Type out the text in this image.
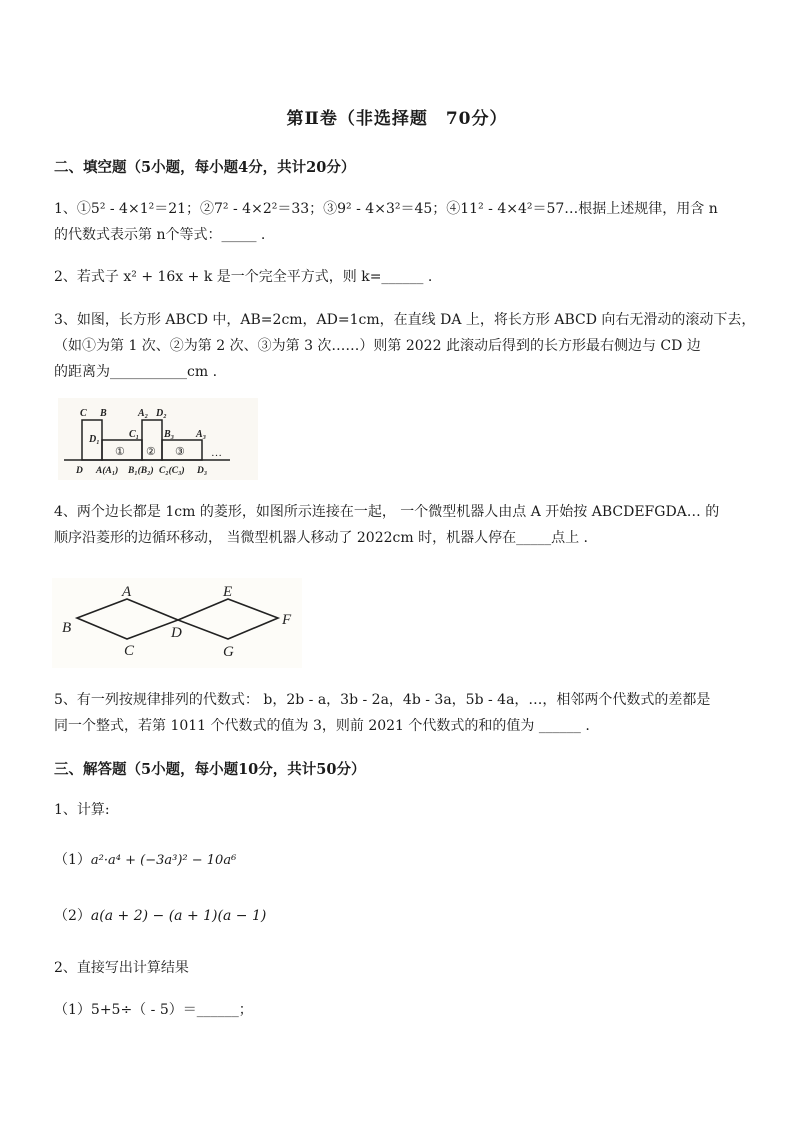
第Ⅱ卷（非选择题　70分）
二、填空题（5小题，每小题4分，共计20分）
1、①5² - 4×1²＝21；②7² - 4×2²＝33；③9² - 4×3²＝45；④11² - 4×4²＝57…根据上述规律，用含 n
的代数式表示第 n个等式：_____ .
2、若式子 x² + 16x + k 是一个完全平方式，则 k=______ .
3、如图，长方形 ABCD 中，AB=2cm，AD=1cm，在直线 DA 上，将长方形 ABCD 向右无滑动的滚动下去，
（如①为第 1 次、②为第 2 次、③为第 3 次……）则第 2022 此滚动后得到的长方形最右侧边与 CD 边
的距离为___________cm .
C B	A₂ D₂
D₁	C₁ B₃ A₃
① ② ③ …
D A(A₁) B₁(B₂) C₂(C₃) D₃
4、两个边长都是 1cm 的菱形，如图所示连接在一起， 一个微型机器人由点 A 开始按 ABCDEFGDA… 的
顺序沿菱形的边循环移动， 当微型机器人移动了 2022cm 时，机器人停在_____点上 .
A
B
C
D
E
F
G
5、有一列按规律排列的代数式： b，2b - a，3b - 2a，4b - 3a，5b - 4a，…，相邻两个代数式的差都是
同一个整式，若第 1011 个代数式的值为 3，则前 2021 个代数式的和的值为 ______ .
三、解答题（5小题，每小题10分，共计50分）
1、计算:
（1）a²·a⁴ + (−3a³)² − 10a⁶
（2）a(a + 2) − (a + 1)(a − 1)
2、直接写出计算结果
（1）5+5÷（ - 5）＝______；
